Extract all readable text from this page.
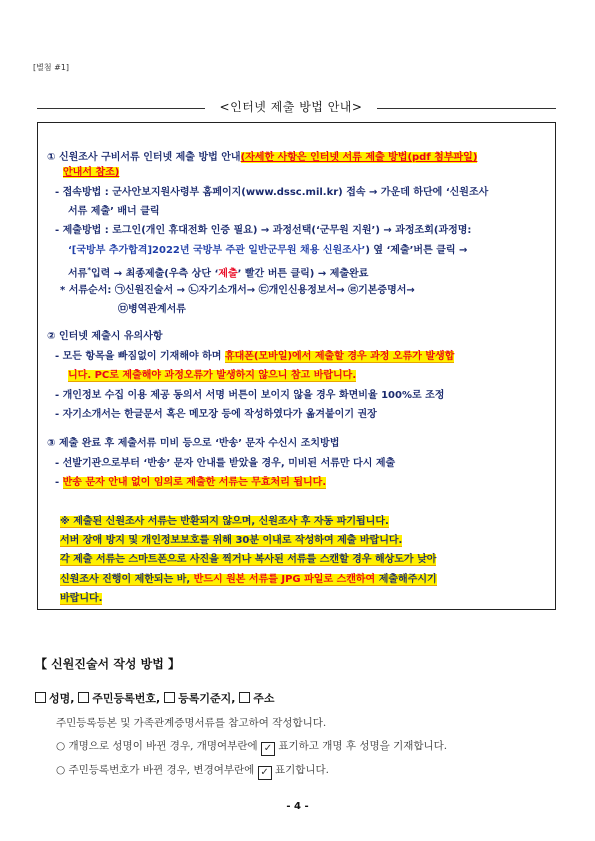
[별첨 #1]
<인터넷 제출 방법 안내>
① 신원조사 구비서류 인터넷 제출 방법 안내(자세한 사항은 인터넷 서류 제출 방법(pdf 첨부파일)
안내서 참조)
- 접속방법 : 군사안보지원사령부 홈페이지(www.dssc.mil.kr) 접속 → 가운데 하단에 ‘신원조사
서류 제출’ 배너 클릭
- 제출방법 : 로그인(개인 휴대전화 인증 필요) → 과정선택(‘군무원 지원’) → 과정조회(과정명:
‘[국방부 추가합격]2022년 국방부 주관 일반군무원 채용 신원조사’) 옆 ‘제출’버튼 클릭 →
서류*입력 → 최종제출(우측 상단 ‘제출’ 빨간 버튼 클릭) → 제출완료
* 서류순서: ㉠신원진술서 → ㉡자기소개서→ ㉢개인신용정보서→ ㉣기본증명서→
㉤병역관계서류
② 인터넷 제출시 유의사항
- 모든 항목을 빠짐없이 기재해야 하며 휴대폰(모바일)에서 제출할 경우 과정 오류가 발생합
니다. PC로 제출해야 과정오류가 발생하지 않으니 참고 바랍니다.
- 개인정보 수집 이용 제공 동의서 서명 버튼이 보이지 않을 경우 화면비율 100%로 조정
- 자기소개서는 한글문서 혹은 메모장 등에 작성하였다가 옮겨붙이기 권장
③ 제출 완료 후 제출서류 미비 등으로 ‘반송’ 문자 수신시 조치방법
- 선발기관으로부터 ‘반송’ 문자 안내를 받았을 경우, 미비된 서류만 다시 제출
- 반송 문자 안내 없이 임의로 제출한 서류는 무효처리 됩니다.
※ 제출된 신원조사 서류는 반환되지 않으며, 신원조사 후 자동 파기됩니다.
서버 장애 방지 및 개인정보보호를 위해 30분 이내로 작성하여 제출 바랍니다.
각 제출 서류는 스마트폰으로 사진을 찍거나 복사된 서류를 스캔할 경우 해상도가 낮아
신원조사 진행이 제한되는 바, 반드시 원본 서류를 JPG 파일로 스캔하여 제출해주시기
바랍니다.
【 신원진술서 작성 방법 】
성명, 주민등록번호, 등록기준지, 주소
주민등록등본 및 가족관계증명서류를 참고하여 작성합니다.
○ 개명으로 성명이 바뀐 경우, 개명여부란에 ✓ 표기하고 개명 후 성명을 기재합니다.
○ 주민등록번호가 바뀐 경우, 변경여부란에 ✓ 표기합니다.
- 4 -
